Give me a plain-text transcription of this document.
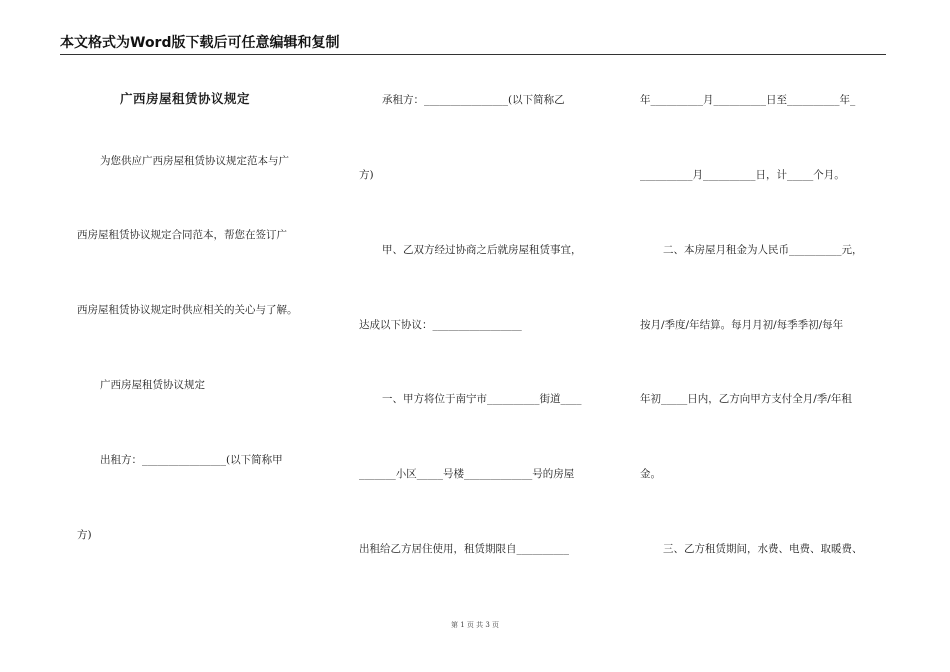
本文格式为Word版下载后可任意编辑和复制
广西房屋租赁协议规定
为您供应广西房屋租赁协议规定范本与广
西房屋租赁协议规定合同范本，帮您在签订广
西房屋租赁协议规定时供应相关的关心与了解。
广西房屋租赁协议规定
出租方：________________(以下简称甲
方)
承租方：________________(以下简称乙
方)
甲、乙双方经过协商之后就房屋租赁事宜，
达成以下协议：_________________
一、甲方将位于南宁市__________街道____
_______小区_____号楼_____________号的房屋
出租给乙方居住使用，租赁期限自__________
年__________月__________日至__________年_
__________月__________日，计_____个月。
二、本房屋月租金为人民币__________元，
按月/季度/年结算。每月月初/每季季初/每年
年初_____日内，乙方向甲方支付全月/季/年租
金。
三、乙方租赁期间，水费、电费、取暖费、
第 1 页 共 3 页
